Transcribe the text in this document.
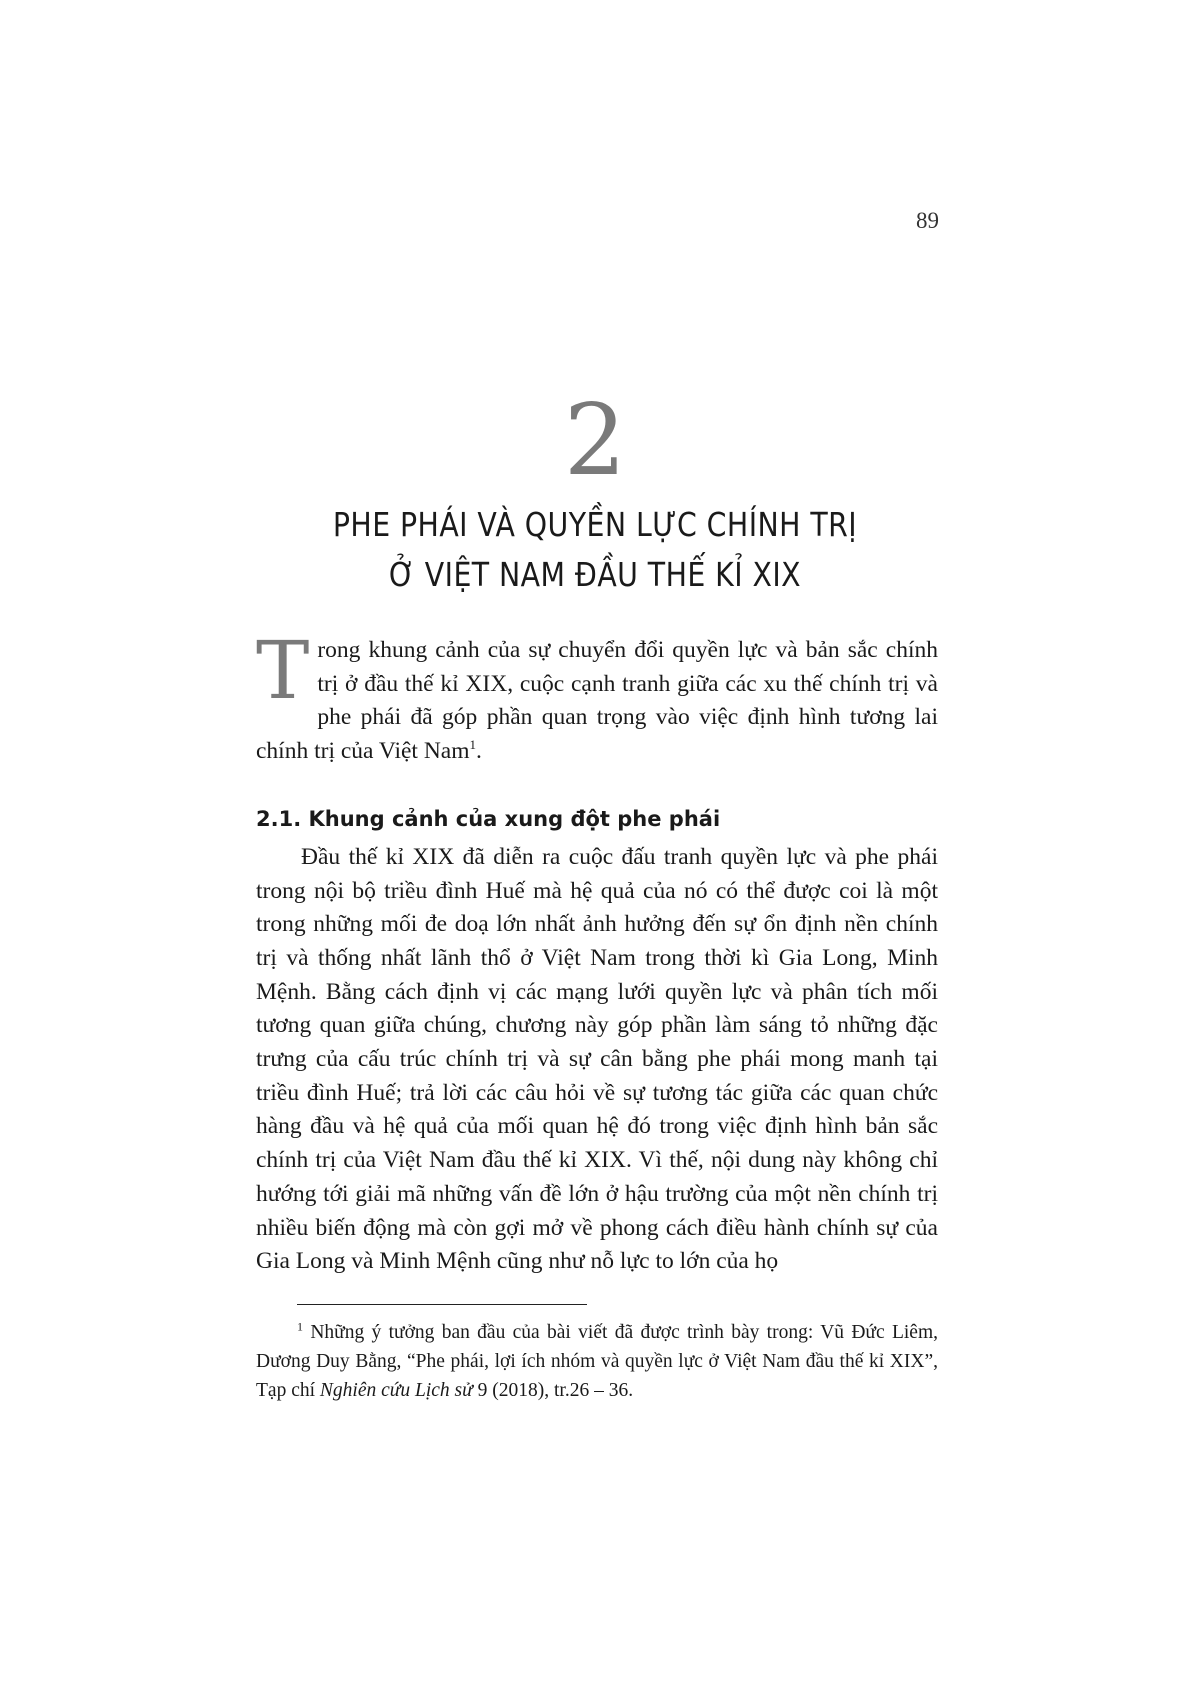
89
2
PHE PHÁI VÀ QUYỀN LỰC CHÍNH TRỊ
Ở VIỆT NAM ĐẦU THẾ KỈ XIX

Trong khung cảnh của sự chuyển đổi quyền lực và bản sắc chính trị ở đầu thế kỉ XIX, cuộc cạnh tranh giữa các xu thế chính trị và phe phái đã góp phần quan trọng vào việc định hình tương lai chính trị của Việt Nam$^1$.

2.1. Khung cảnh của xung đột phe phái

Đầu thế kỉ XIX đã diễn ra cuộc đấu tranh quyền lực và phe phái trong nội bộ triều đình Huế mà hệ quả của nó có thể được coi là một trong những mối đe doạ lớn nhất ảnh hưởng đến sự ổn định nền chính trị và thống nhất lãnh thổ ở Việt Nam trong thời kì Gia Long, Minh Mệnh. Bằng cách định vị các mạng lưới quyền lực và phân tích mối tương quan giữa chúng, chương này góp phần làm sáng tỏ những đặc trưng của cấu trúc chính trị và sự cân bằng phe phái mong manh tại triều đình Huế; trả lời các câu hỏi về sự tương tác giữa các quan chức hàng đầu và hệ quả của mối quan hệ đó trong việc định hình bản sắc chính trị của Việt Nam đầu thế kỉ XIX. Vì thế, nội dung này không chỉ hướng tới giải mã những vấn đề lớn ở hậu trường của một nền chính trị nhiều biến động mà còn gợi mở về phong cách điều hành chính sự của Gia Long và Minh Mệnh cũng như nỗ lực to lớn của họ

$^1$ Những ý tưởng ban đầu của bài viết đã được trình bày trong: Vũ Đức Liêm, Dương Duy Bằng, “Phe phái, lợi ích nhóm và quyền lực ở Việt Nam đầu thế kỉ XIX”, Tạp chí Nghiên cứu Lịch sử 9 (2018), tr.26 – 36.
